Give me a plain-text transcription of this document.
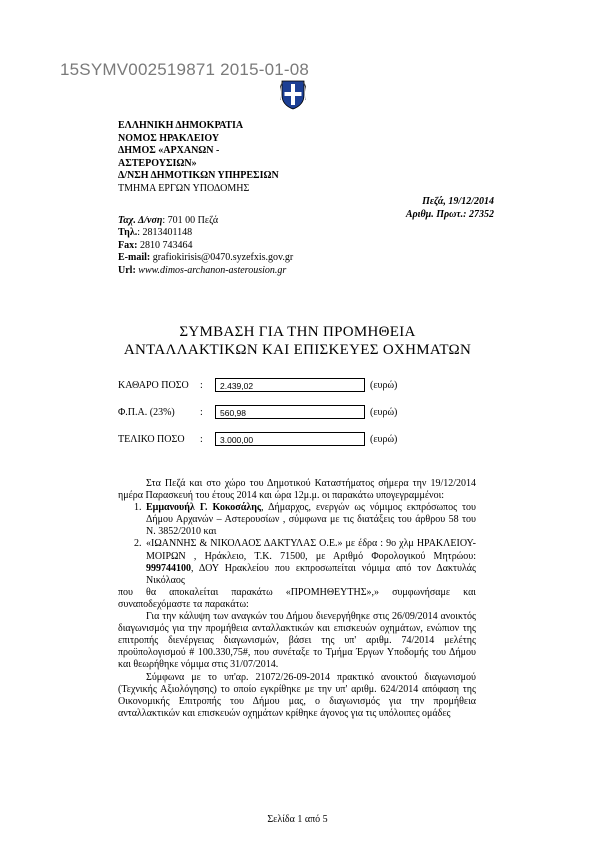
15SYMV002519871 2015-01-08
ΕΛΛΗΝΙΚΗ ΔΗΜΟΚΡΑΤΙΑ
ΝΟΜΟΣ ΗΡΑΚΛΕΙΟΥ
ΔΗΜΟΣ «ΑΡΧΑΝΩΝ -
ΑΣΤΕΡΟΥΣΙΩΝ»
Δ/ΝΣΗ ΔΗΜΟΤΙΚΩΝ ΥΠΗΡΕΣΙΩΝ
ΤΜΗΜΑ ΕΡΓΩΝ ΥΠΟΔΟΜΗΣ
Πεζά, 19/12/2014
Αριθμ. Πρωτ.: 27352
Ταχ. Δ/νση: 701 00 Πεζά
Τηλ.: 2813401148
Fax: 2810 743464
E-mail: grafiokirisis@0470.syzefxis.gov.gr
Url: www.dimos-archanon-asterousion.gr
ΣΥΜΒΑΣΗ ΓΙΑ ΤΗΝ ΠΡΟΜΗΘΕΙΑ
ΑΝΤΑΛΛΑΚΤΙΚΩΝ ΚΑΙ ΕΠΙΣΚΕΥΕΣ ΟΧΗΜΑΤΩΝ
ΚΑΘΑΡΟ ΠΟΣΟ :	2.439,02	(ευρώ)
Φ.Π.Α. (23%)	:	560,98	(ευρώ)
ΤΕΛΙΚΟ ΠΟΣΟ :	3.000,00	(ευρώ)

Στα Πεζά και στο χώρο του Δημοτικού Καταστήματος σήμερα την 19/12/2014 ημέρα Παρασκευή του έτους 2014 και ώρα 12μ.μ. οι παρακάτω υπογεγραμμένοι:

1. Εμμανουήλ Γ. Κοκοσάλης, Δήμαρχος, ενεργών ως νόμιμος εκπρόσωπος του Δήμου Αρχανών – Αστερουσίων , σύμφωνα με τις διατάξεις του άρθρου 58 του Ν. 3852/2010 και
2. «ΙΩΑΝΝΗΣ & ΝΙΚΟΛΑΟΣ ΔΑΚΤΥΛΑΣ Ο.Ε.» με έδρα : 9ο χλμ ΗΡΑΚΛΕΙΟΥ-ΜΟΙΡΩΝ , Ηράκλειο, Τ.Κ. 71500, με Αριθμό Φορολογικού Μητρώου: 999744100, ΔΟΥ Ηρακλείου που εκπροσωπείται νόμιμα από τον Δακτυλάς Νικόλαος

που θα αποκαλείται παρακάτω «ΠΡΟΜΗΘΕΥΤΗΣ»,» συμφωνήσαμε και συναποδεχόμαστε τα παρακάτω:

Για την κάλυψη των αναγκών του Δήμου διενεργήθηκε στις 26/09/2014 ανοικτός διαγωνισμός για την προμήθεια ανταλλακτικών και επισκευών οχημάτων, ενώπιον της επιτροπής διενέργειας διαγωνισμών, βάσει της υπ' αριθμ. 74/2014 μελέτης προϋπολογισμού # 100.330,75#, που συνέταξε το Τμήμα Έργων Υποδομής του Δήμου και θεωρήθηκε νόμιμα στις 31/07/2014.

Σύμφωνα με το υπ'αρ. 21072/26-09-2014 πρακτικό ανοικτού διαγωνισμού (Τεχνικής Αξιολόγησης) το οποίο εγκρίθηκε με την υπ' αριθμ. 624/2014 απόφαση της Οικονομικής Επιτροπής του Δήμου μας, ο διαγωνισμός για την προμήθεια ανταλλακτικών και επισκευών οχημάτων κρίθηκε άγονος για τις υπόλοιπες ομάδες

Σελίδα 1 από 5
